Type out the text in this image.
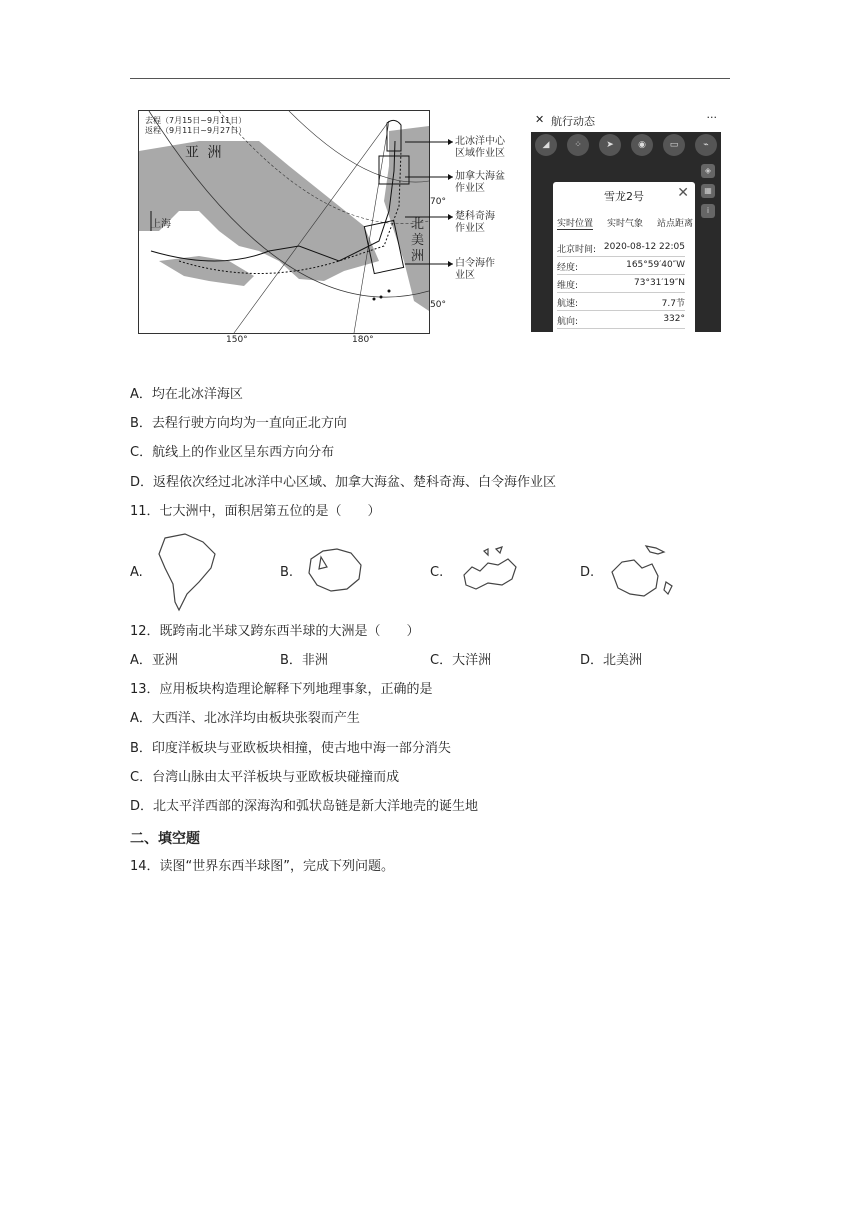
去程（7月15日~9月11日）
返程（9月11日~9月27日）
亚 洲
上海	北
美
洲
北冰洋中心
区域作业区
加拿大海盆
作业区
楚科奇海
作业区
白令海作
业区
70°
50°
150°	180°
✕ 航行动态	···
◢	⁘	➤	◉	▭	⌁
◈
▦
i
雪龙2号	✕
实时位置 实时气象 站点距离
北京时间: 2020-08-12 22:05
经度:	165°59′40″W
维度:	73°31′19″N
航速:	7.7节
航向:	332°
A．均在北冰洋海区
B．去程行驶方向均为一直向正北方向
C．航线上的作业区呈东西方向分布
D．返程依次经过北冰洋中心区域、加拿大海盆、楚科奇海、白令海作业区
11．七大洲中，面积居第五位的是（　　）
A.	B.	C.	D.
12．既跨南北半球又跨东西半球的大洲是（　　）
A．亚洲	B．非洲	C．大洋洲	D．北美洲
13．应用板块构造理论解释下列地理事象，正确的是
A．大西洋、北冰洋均由板块张裂而产生
B．印度洋板块与亚欧板块相撞，使古地中海一部分消失
C．台湾山脉由太平洋板块与亚欧板块碰撞而成
D．北太平洋西部的深海沟和弧状岛链是新大洋地壳的诞生地
二、填空题
14．读图“世界东西半球图”，完成下列问题。
